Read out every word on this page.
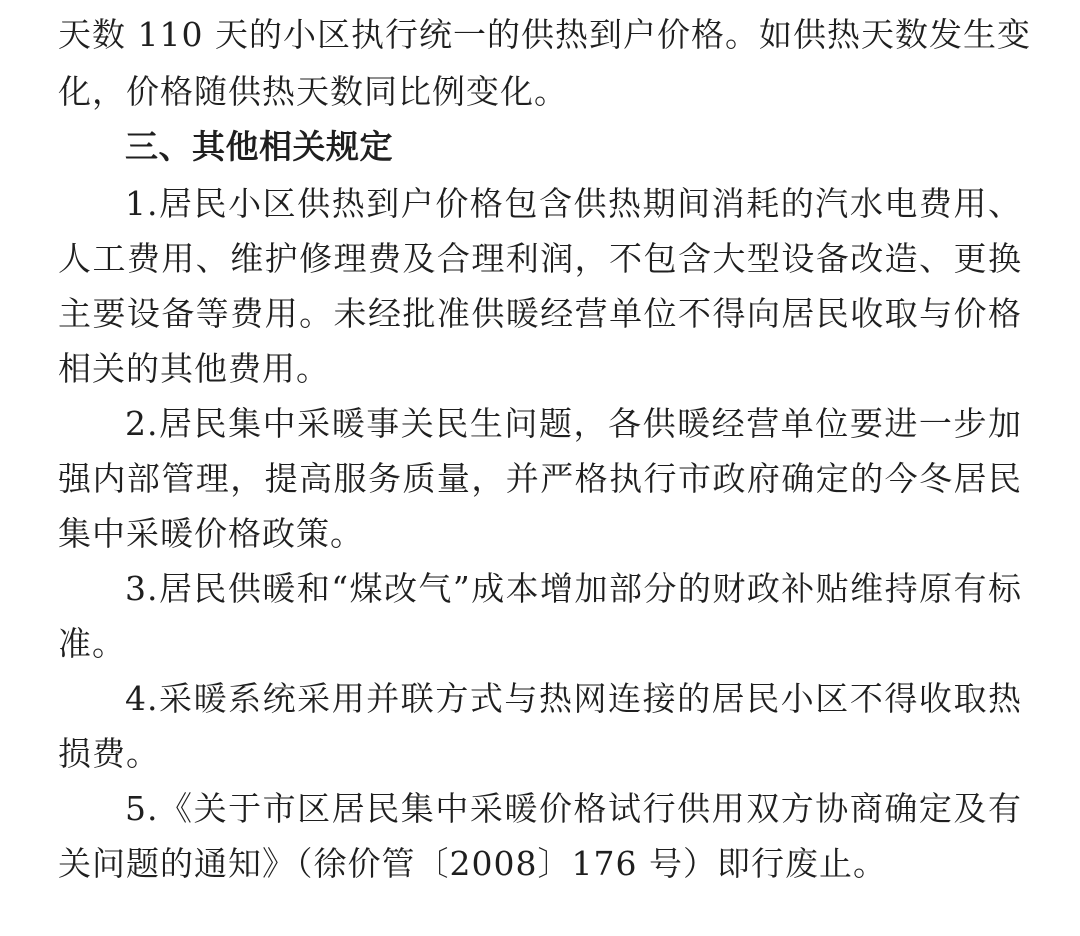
天数 110 天的小区执行统一的供热到户价格。如供热天数发生变
化，价格随供热天数同比例变化。
三、其他相关规定
1.居民小区供热到户价格包含供热期间消耗的汽水电费用、
人工费用、维护修理费及合理利润，不包含大型设备改造、更换
主要设备等费用。未经批准供暖经营单位不得向居民收取与价格
相关的其他费用。
2.居民集中采暖事关民生问题，各供暖经营单位要进一步加
强内部管理，提高服务质量，并严格执行市政府确定的今冬居民
集中采暖价格政策。
3.居民供暖和“煤改气”成本增加部分的财政补贴维持原有标
准。
4.采暖系统采用并联方式与热网连接的居民小区不得收取热
损费。
5.《关于市区居民集中采暖价格试行供用双方协商确定及有
关问题的通知》（徐价管〔2008〕176 号）即行废止。
